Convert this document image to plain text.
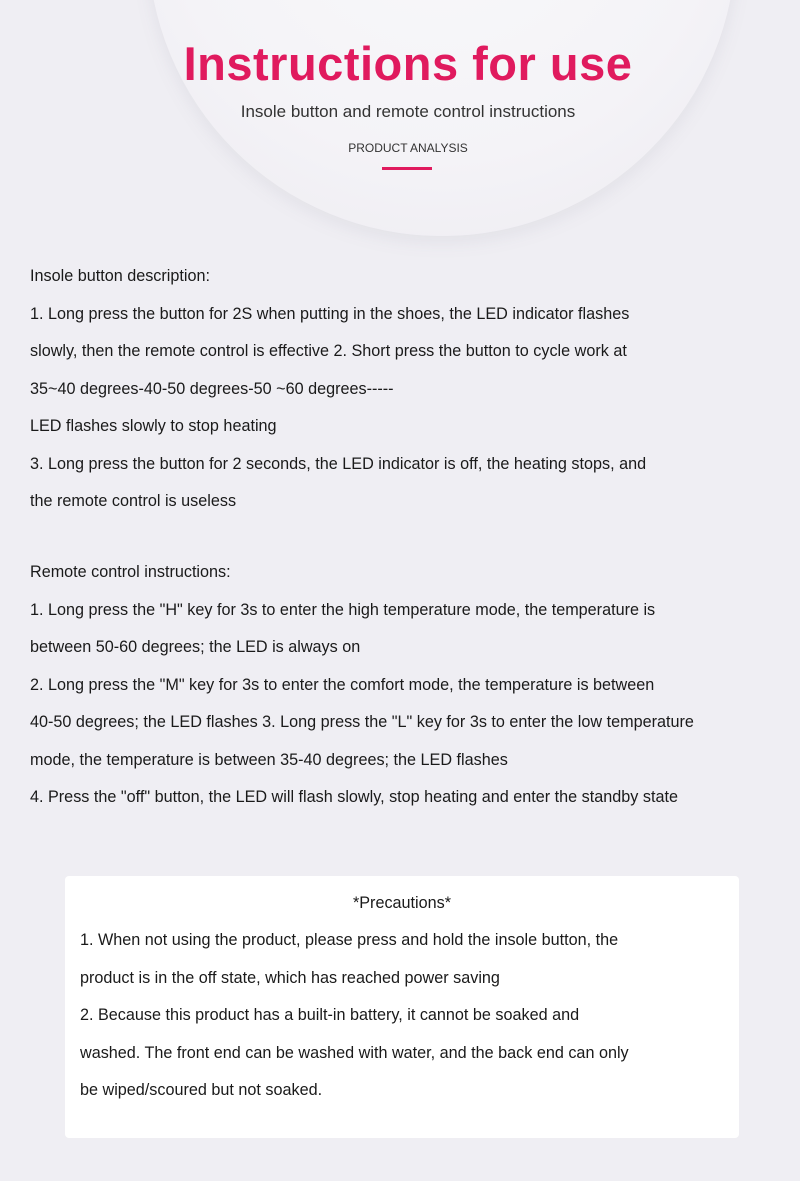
Instructions for use
Insole button and remote control instructions
PRODUCT ANALYSIS

Insole button description:

1. Long press the button for 2S when putting in the shoes, the LED indicator flashes

slowly, then the remote control is effective 2. Short press the button to cycle work at

35~40 degrees-40-50 degrees-50 ~60 degrees-----

LED flashes slowly to stop heating

3. Long press the button for 2 seconds, the LED indicator is off, the heating stops, and

the remote control is useless

Remote control instructions:

1. Long press the "H" key for 3s to enter the high temperature mode, the temperature is

between 50-60 degrees; the LED is always on

2. Long press the "M" key for 3s to enter the comfort mode, the temperature is between

40-50 degrees; the LED flashes 3. Long press the "L" key for 3s to enter the low temperature

mode, the temperature is between 35-40 degrees; the LED flashes

4. Press the "off" button, the LED will flash slowly, stop heating and enter the standby state

*Precautions*

1. When not using the product, please press and hold the insole button, the

product is in the off state, which has reached power saving

2. Because this product has a built-in battery, it cannot be soaked and

washed. The front end can be washed with water, and the back end can only

be wiped/scoured but not soaked.
